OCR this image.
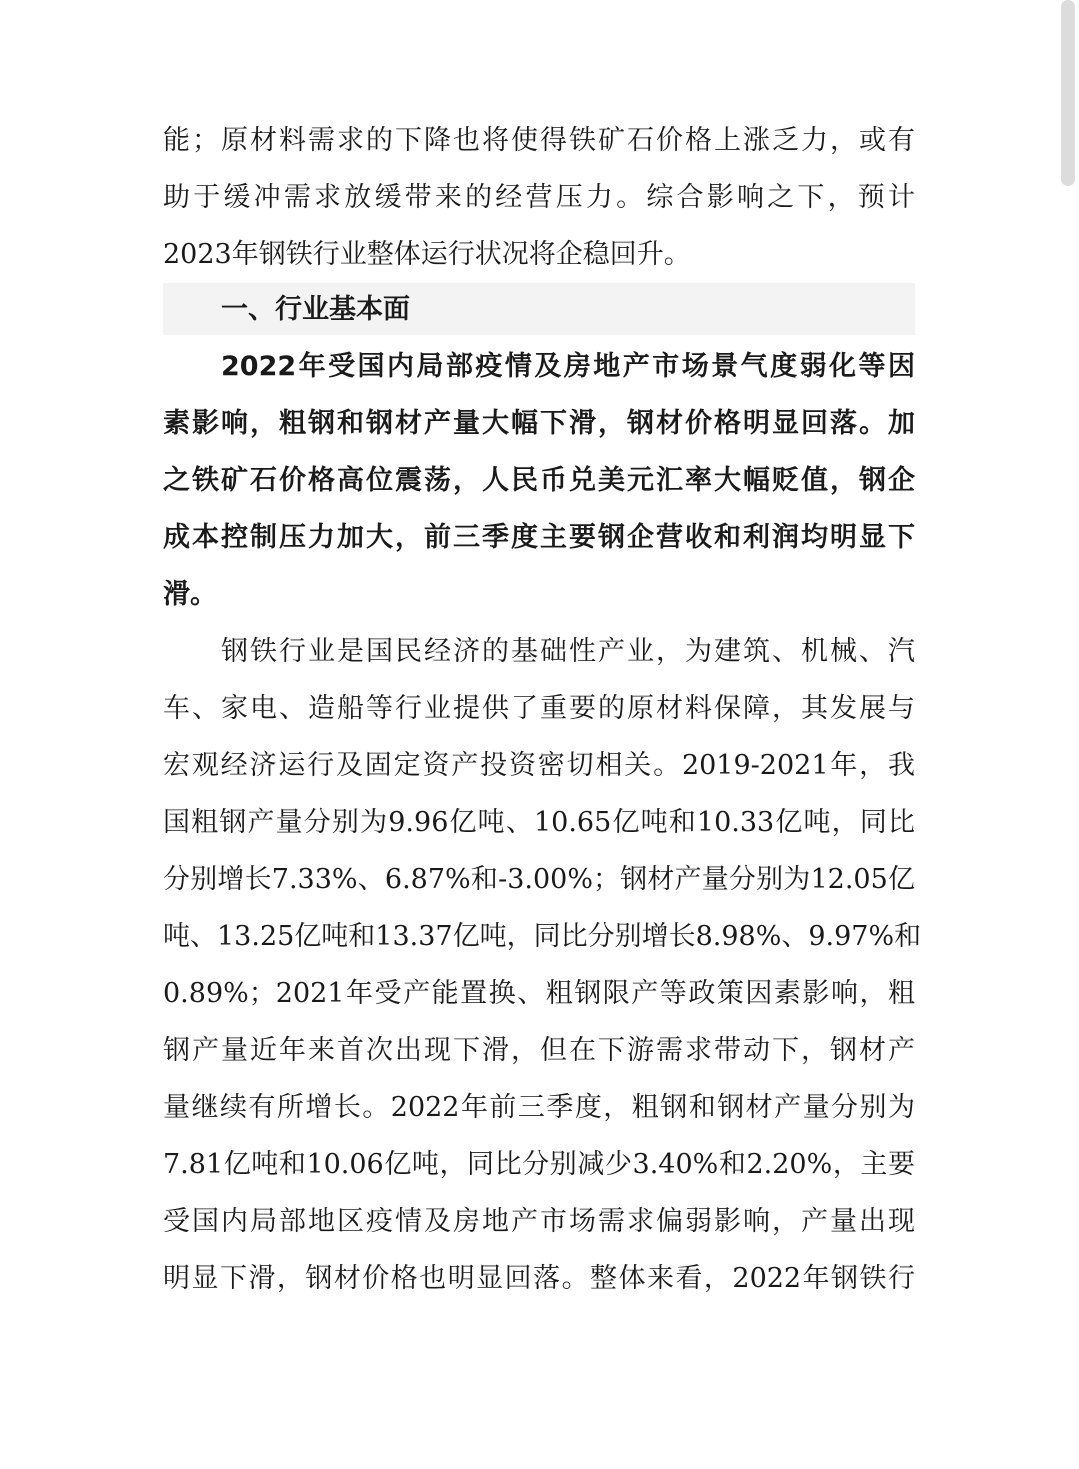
能；原材料需求的下降也将使得铁矿石价格上涨乏力，或有
助于缓冲需求放缓带来的经营压力。综合影响之下，预计
2023年钢铁行业整体运行状况将企稳回升。
一、行业基本面
2022年受国内局部疫情及房地产市场景气度弱化等因
素影响，粗钢和钢材产量大幅下滑，钢材价格明显回落。加
之铁矿石价格高位震荡，人民币兑美元汇率大幅贬值，钢企
成本控制压力加大，前三季度主要钢企营收和利润均明显下
滑。
钢铁行业是国民经济的基础性产业，为建筑、机械、汽
车、家电、造船等行业提供了重要的原材料保障，其发展与
宏观经济运行及固定资产投资密切相关。2019-2021年，我
国粗钢产量分别为9.96亿吨、10.65亿吨和10.33亿吨，同比
分别增长7.33%、6.87%和-3.00%；钢材产量分别为12.05亿
吨、13.25亿吨和13.37亿吨，同比分别增长8.98%、9.97%和
0.89%；2021年受产能置换、粗钢限产等政策因素影响，粗
钢产量近年来首次出现下滑，但在下游需求带动下，钢材产
量继续有所增长。2022年前三季度，粗钢和钢材产量分别为
7.81亿吨和10.06亿吨，同比分别减少3.40%和2.20%，主要
受国内局部地区疫情及房地产市场需求偏弱影响，产量出现
明显下滑，钢材价格也明显回落。整体来看，2022年钢铁行
